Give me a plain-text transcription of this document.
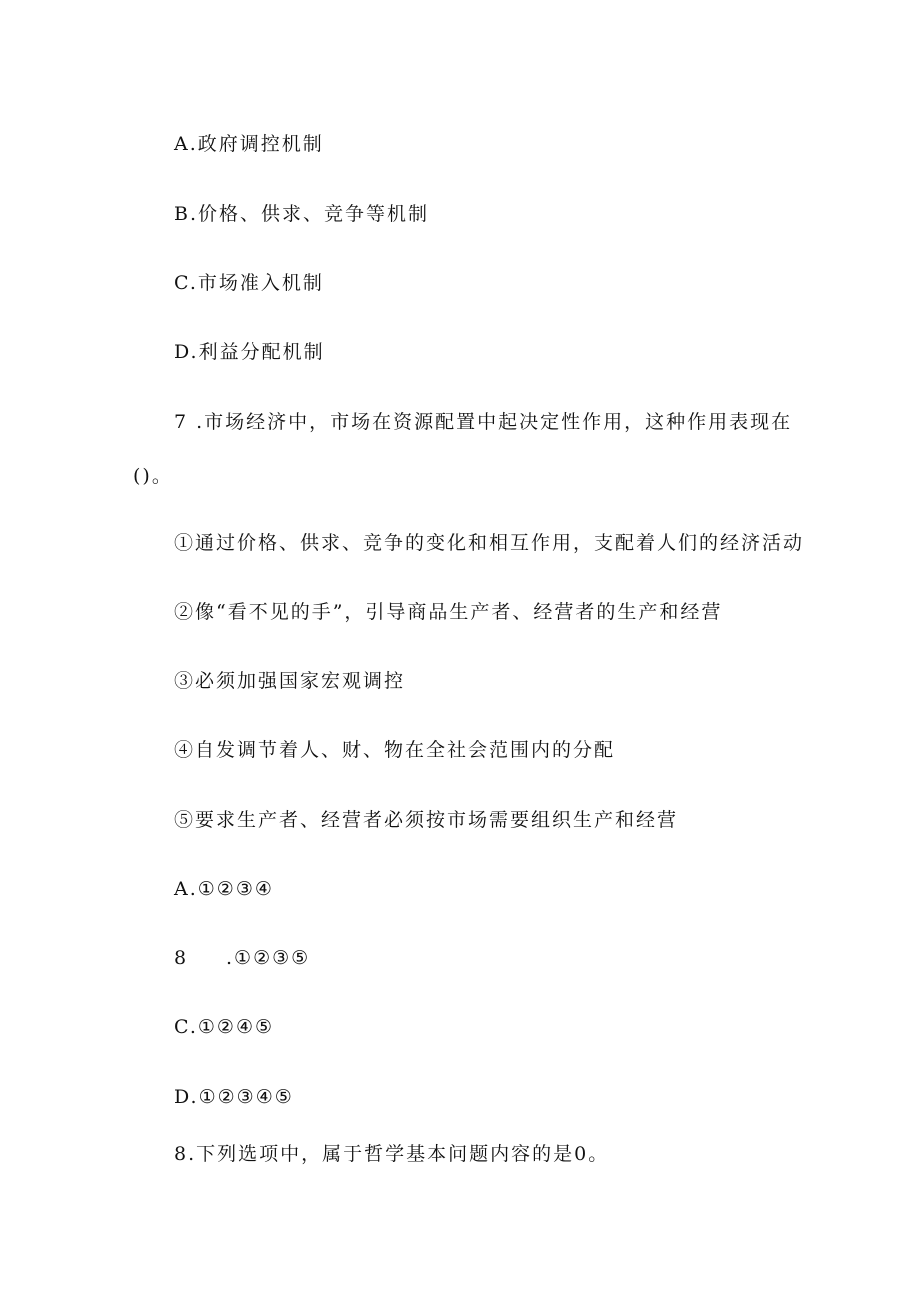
A.政府调控机制
B.价格、供求、竞争等机制
C.市场准入机制
D.利益分配机制
7 .市场经济中，市场在资源配置中起决定性作用，这种作用表现在
()。
①通过价格、供求、竞争的变化和相互作用，支配着人们的经济活动
②像“看不见的手”，引导商品生产者、经营者的生产和经营
③必须加强国家宏观调控
④自发调节着人、财、物在全社会范围内的分配
⑤要求生产者、经营者必须按市场需要组织生产和经营
A.①②③④
8 .①②③⑤
C.①②④⑤
D.①②③④⑤
8.下列选项中，属于哲学基本问题内容的是0。
